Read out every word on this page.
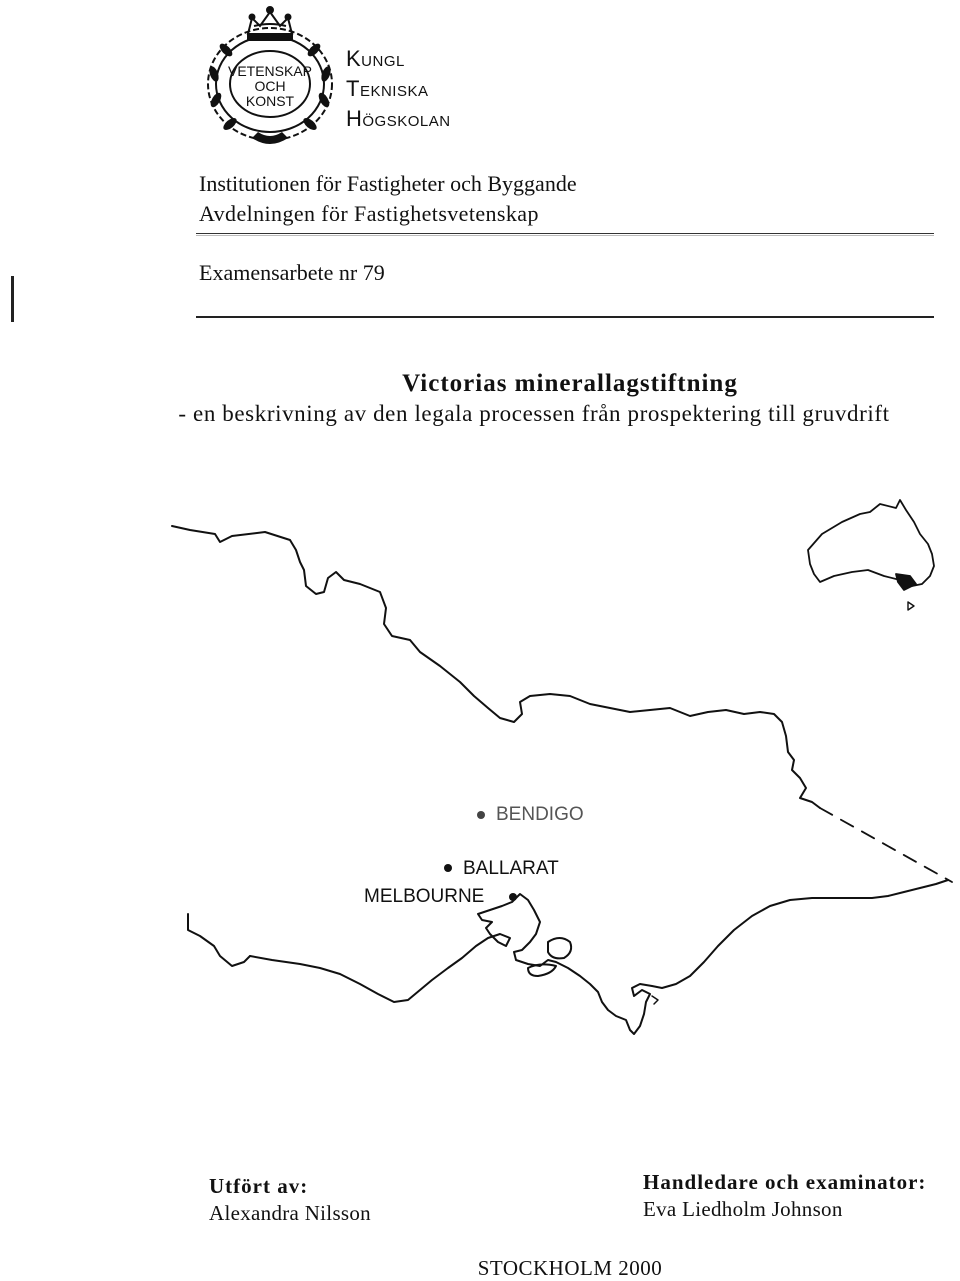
VETENSKAP
OCH
KONST
Kungl
Tekniska
Högskolan
Institutionen för Fastigheter och Byggande
Avdelningen för Fastighetsvetenskap
Examensarbete nr 79
Victorias minerallagstiftning
- en beskrivning av den legala processen från prospektering till gruvdrift
BENDIGO
BALLARAT
MELBOURNE
Utfört av:
Alexandra Nilsson
Handledare och examinator:
Eva Liedholm Johnson
STOCKHOLM 2000
